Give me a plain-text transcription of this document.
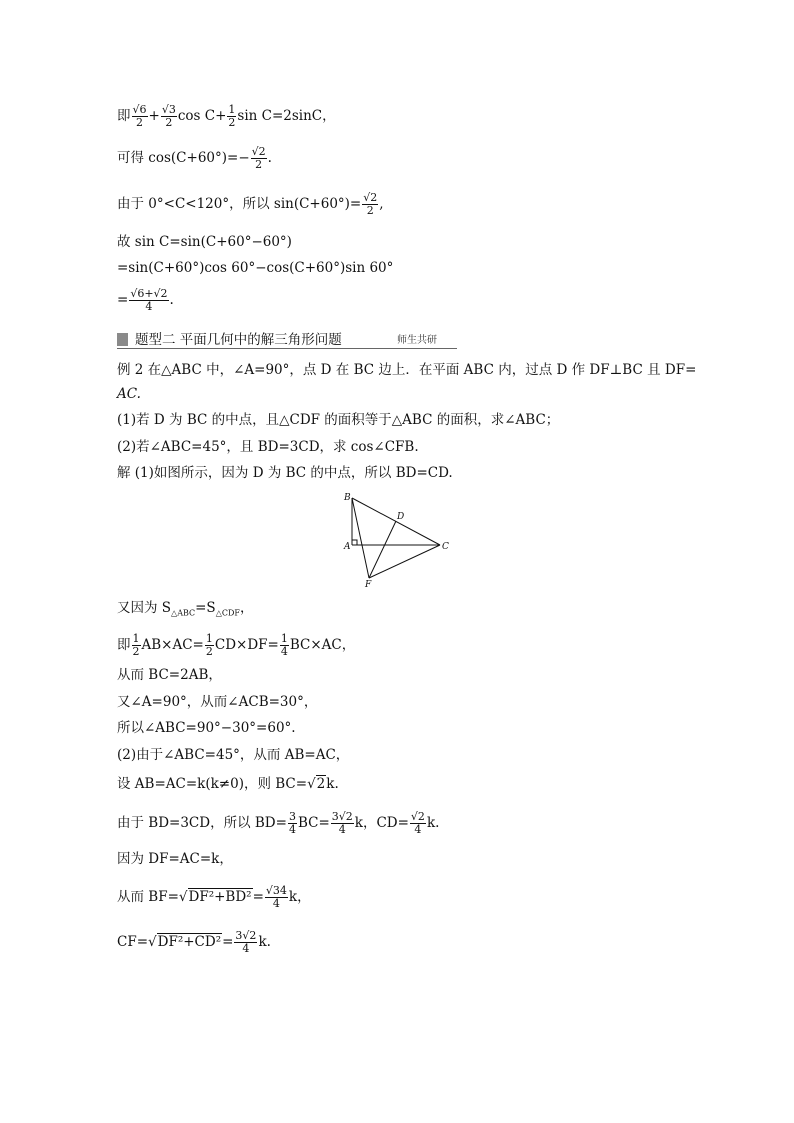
即 $\frac{√6}{2} + \frac{√3}{2}$ $\cos C+ \frac{1}{2}$ sin C=2sinC，
可得 $\cos(C+60^\circ)=- \frac{√2}{2}$ .
由于 0°<C<120°，所以 $\sin(C+60^\circ)= \frac{√2}{2}$ ,
故 sin C=sin(C+60°−60°)
=sin(C+60°)cos 60°−cos(C+60°)sin 60°
= $\frac{√6+√2}{4}$ .
题型二 平面几何中的解三角形问题	师生共研
例 2 在△ABC 中，∠A=90°，点 D 在 BC 边上．在平面 ABC 内，过点 D 作 DF⊥BC 且 DF=
AC.
(1)若 D 为 BC 的中点，且△CDF 的面积等于△ABC 的面积，求∠ABC；
(2)若∠ABC=45°，且 BD=3CD，求 cos∠CFB.
解 (1)如图所示，因为 D 为 BC 的中点，所以 BD=CD.
B
D
A	C
F
又因为 $S_{\triangle ABC}=S_{\triangle CDF}$，
即 $\frac{1}{2} AB\times AC= \frac{1}{2} CD\times DF= \frac{1}{4} BC\times AC$，
从而 BC=2AB，
又∠A=90°，从而∠ACB=30°，
所以∠ABC=90°−30°=60°.
(2)由于∠ABC=45°，从而 AB=AC，
设 AB=AC=k(k≠0)，则 BC=√2k.
由于 BD=3CD，所以 $BD= \frac{3}{4} BC= \frac{3√2}{4}$ k，$CD= \frac{√2}{4} k$.
因为 DF=AC=k，
从而 $BF=√DF^2+BD^2= \frac{√34}{4}$ k，
$CF=√DF^2+CD^2= \frac{3√2}{4} k$.
